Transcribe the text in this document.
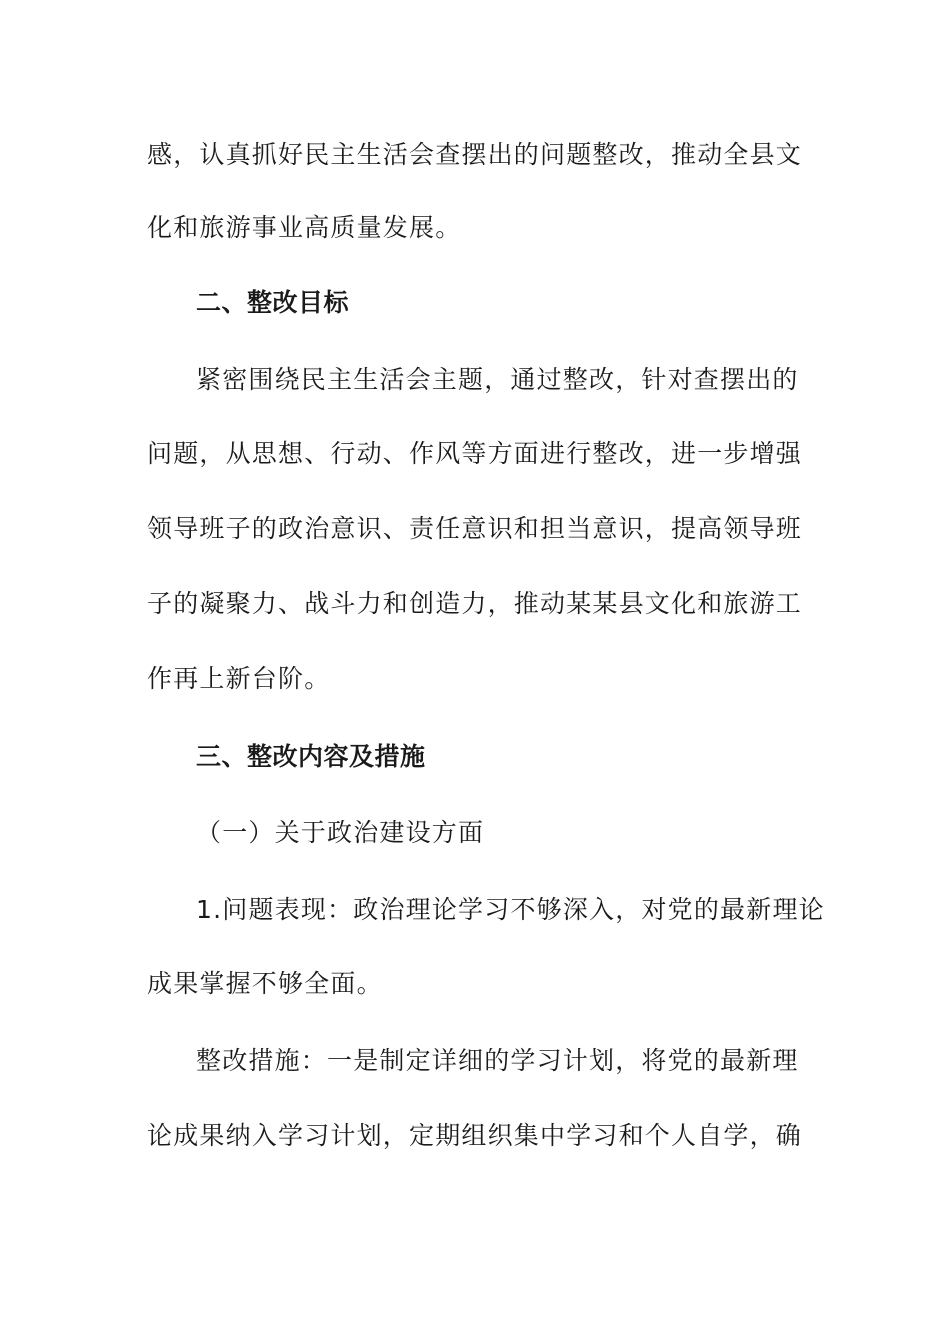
感，认真抓好民主生活会查摆出的问题整改，推动全县文

化和旅游事业高质量发展。

二、整改目标

紧密围绕民主生活会主题，通过整改，针对查摆出的

问题，从思想、行动、作风等方面进行整改，进一步增强

领导班子的政治意识、责任意识和担当意识，提高领导班

子的凝聚力、战斗力和创造力，推动某某县文化和旅游工

作再上新台阶。

三、整改内容及措施

（一）关于政治建设方面

1.问题表现：政治理论学习不够深入，对党的最新理论

成果掌握不够全面。

整改措施：一是制定详细的学习计划，将党的最新理

论成果纳入学习计划，定期组织集中学习和个人自学，确
